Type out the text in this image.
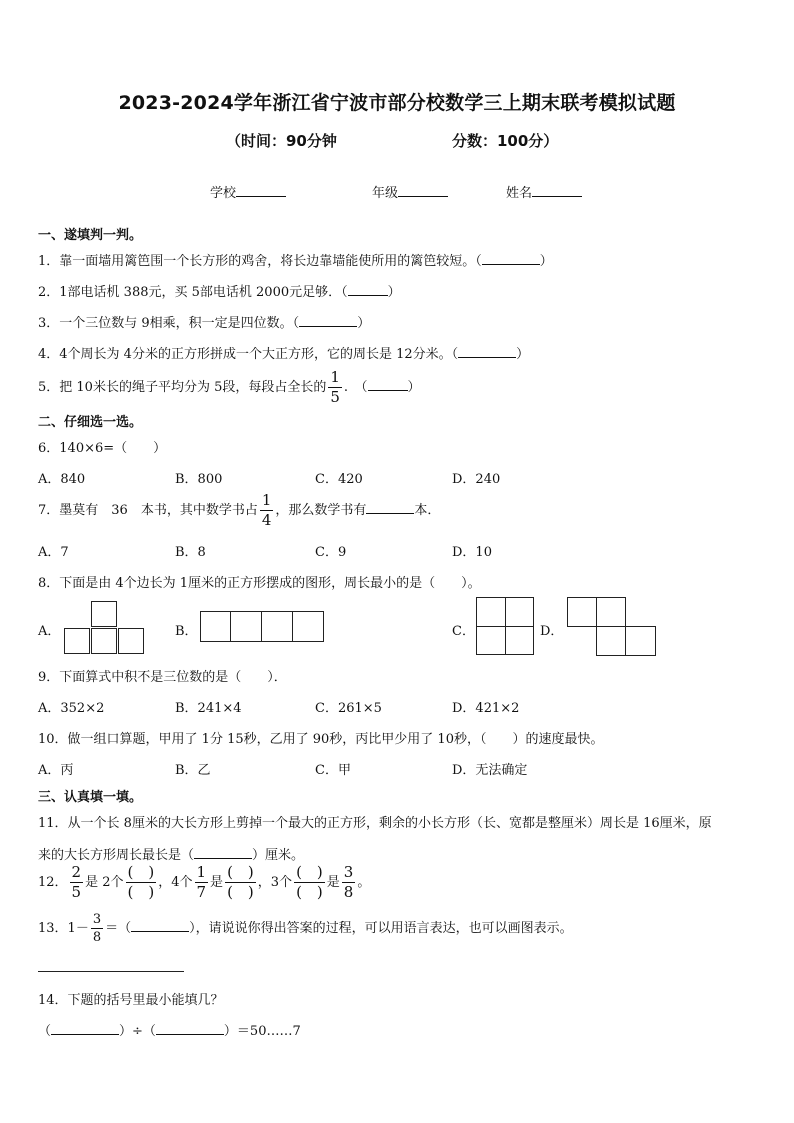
2023-2024学年浙江省宁波市部分校数学三上期末联考模拟试题
（时间：90分钟	分数：100分）
学校	年级	姓名
一、遂填判一判。
1．靠一面墙用篱笆围一个长方形的鸡舍，将长边靠墙能使所用的篱笆较短。（	）
2．1部电话机 388元，买 5部电话机 2000元足够．（	）
3．一个三位数与 9相乘，积一定是四位数。（	）
4．4个周长为 4分米的正方形拼成一个大正方形，它的周长是 12分米。（	）
5．把 10米长的绳子平均分为 5段，每段占全长的 $\frac{1}{5}$ .　（	）
二、仔细选一选。
6．140×6=（　　）
A．840	B．800	C．420	D．240
7．墨莫有　36　本书，其中数学书占 $\frac{1}{4}$ ，那么数学书有	本．
A．7	B．8	C．9	D．10
8．下面是由 4个边长为 1厘米的正方形摆成的图形，周长最小的是（　　）。
A．	B．	C．	D．
9．下面算式中积不是三位数的是（　　）．
A．352×2	B．241×4	C．261×5	D．421×2
10．做一组口算题，甲用了 1分 15秒，乙用了 90秒，丙比甲少用了 10秒，（　　）的速度最快。
A．丙	B．乙	C．甲	D．无法确定
三、认真填一填。
11．从一个长 8厘米的大长方形上剪掉一个最大的正方形，剩余的小长方形（长、宽都是整厘米）周长是 16厘米，原
来的大长方形周长最长是（	）厘米。
12． $\frac{2}{5}$ 是 2个 $\frac{( )}{( )}$ ，4个 $\frac{1}{7}$ 是 $\frac{( )}{( )}$ ，3个 $\frac{( )}{( )}$ 是 $\frac{3}{8}$ 。
13．$1- \frac{3}{8}$ ＝（	），请说说你得出答案的过程，可以用语言表达，也可以画图表示。
14．下题的括号里最小能填几？
（	）÷（	）＝50……7
